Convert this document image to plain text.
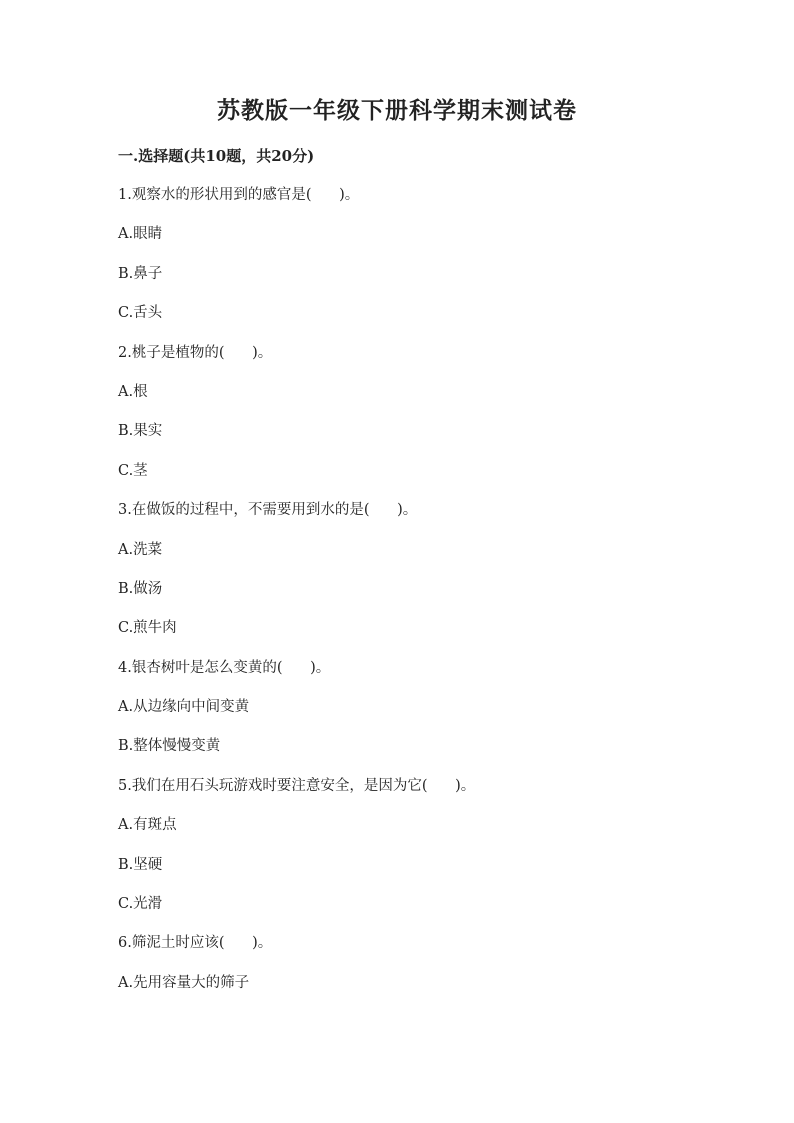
苏教版一年级下册科学期末测试卷
一.选择题(共10题，共20分)
1.观察水的形状用到的感官是(      )。
A.眼睛
B.鼻子
C.舌头
2.桃子是植物的(      )。
A.根
B.果实
C.茎
3.在做饭的过程中，不需要用到水的是(      )。
A.洗菜
B.做汤
C.煎牛肉
4.银杏树叶是怎么变黄的(      )。
A.从边缘向中间变黄
B.整体慢慢变黄
5.我们在用石头玩游戏时要注意安全，是因为它(      )。
A.有斑点
B.坚硬
C.光滑
6.筛泥土时应该(      )。
A.先用容量大的筛子
